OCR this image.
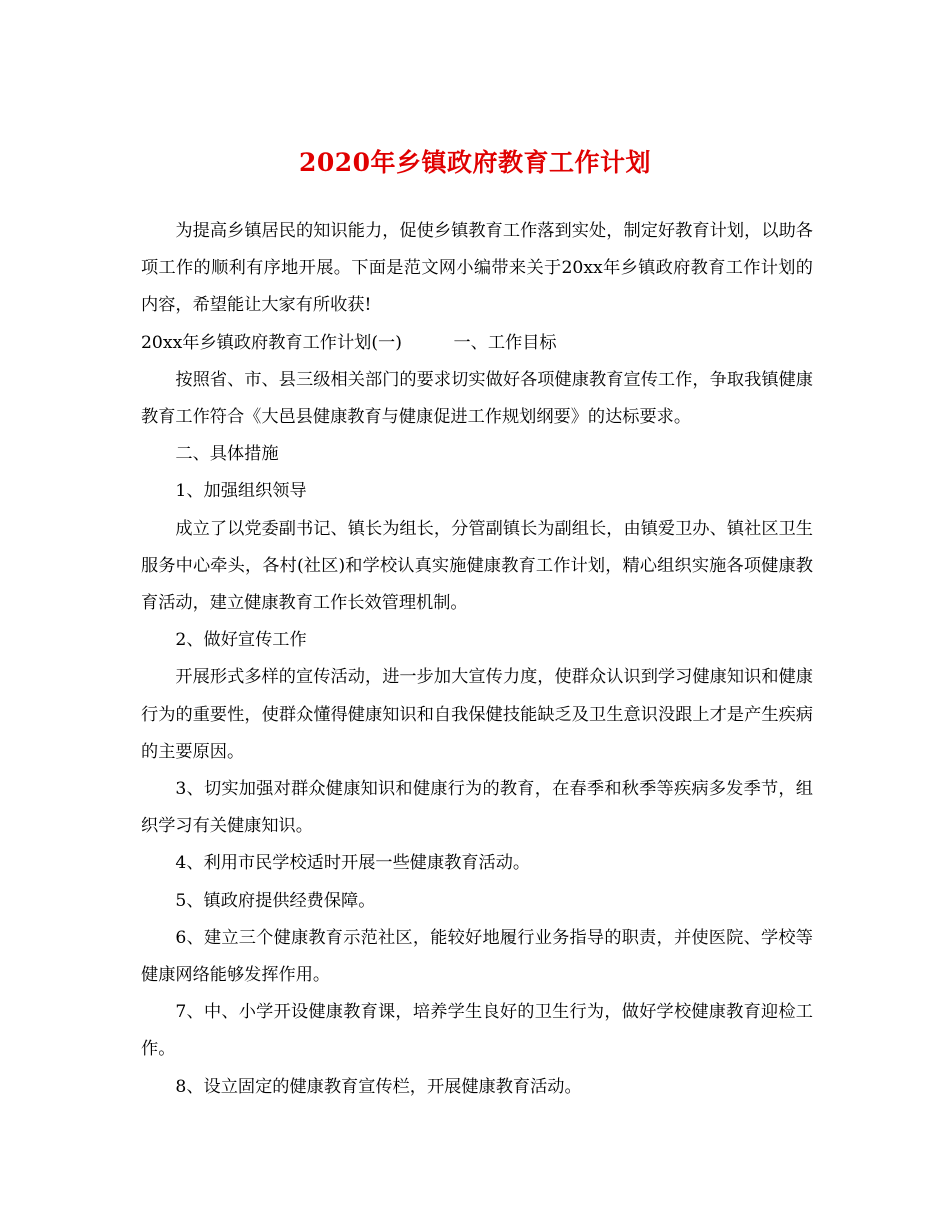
2020年乡镇政府教育工作计划

为提高乡镇居民的知识能力，促使乡镇教育工作落到实处，制定好教育计划，以助各项工作的顺利有序地开展。下面是范文网小编带来关于20xx年乡镇政府教育工作计划的内容，希望能让大家有所收获!

20xx年乡镇政府教育工作计划(一)　　　一、工作目标

按照省、市、县三级相关部门的要求切实做好各项健康教育宣传工作，争取我镇健康教育工作符合《大邑县健康教育与健康促进工作规划纲要》的达标要求。

二、具体措施

1、加强组织领导

成立了以党委副书记、镇长为组长，分管副镇长为副组长，由镇爱卫办、镇社区卫生服务中心牵头，各村(社区)和学校认真实施健康教育工作计划，精心组织实施各项健康教育活动，建立健康教育工作长效管理机制。

2、做好宣传工作

开展形式多样的宣传活动，进一步加大宣传力度，使群众认识到学习健康知识和健康行为的重要性，使群众懂得健康知识和自我保健技能缺乏及卫生意识没跟上才是产生疾病的主要原因。

3、切实加强对群众健康知识和健康行为的教育，在春季和秋季等疾病多发季节，组织学习有关健康知识。

4、利用市民学校适时开展一些健康教育活动。

5、镇政府提供经费保障。

6、建立三个健康教育示范社区，能较好地履行业务指导的职责，并使医院、学校等健康网络能够发挥作用。

7、中、小学开设健康教育课，培养学生良好的卫生行为，做好学校健康教育迎检工作。

8、设立固定的健康教育宣传栏，开展健康教育活动。
